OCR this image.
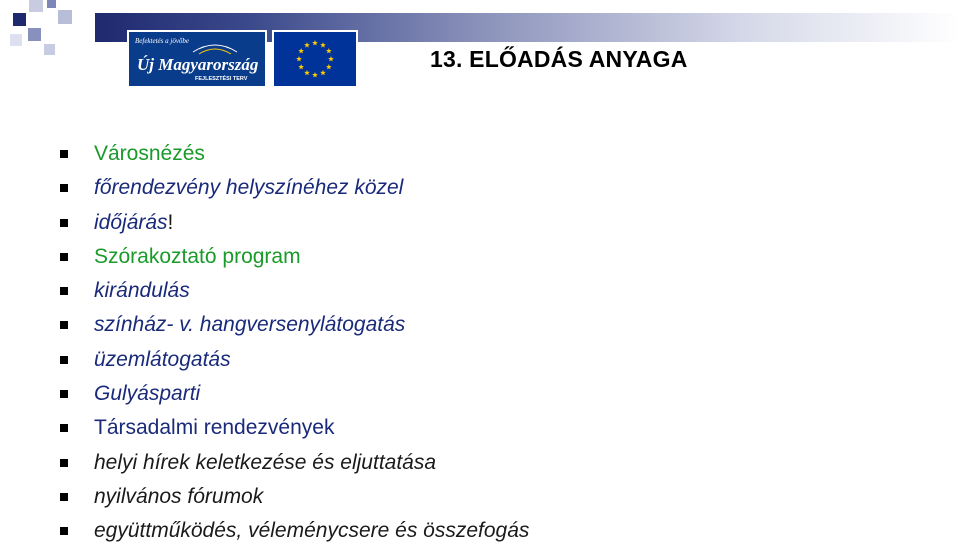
Befektetés a jövőbe
Új Magyarország
FEJLESZTÉSI TERV
13. ELŐADÁS ANYAGA
Városnézés
főrendezvény helyszínéhez közel
időjárás!
Szórakoztató program
kirándulás
színház- v. hangversenylátogatás
üzemlátogatás
Gulyásparti
Társadalmi rendezvények
helyi hírek keletkezése és eljuttatása
nyilvános fórumok
együttműködés, véleménycsere és összefogás
